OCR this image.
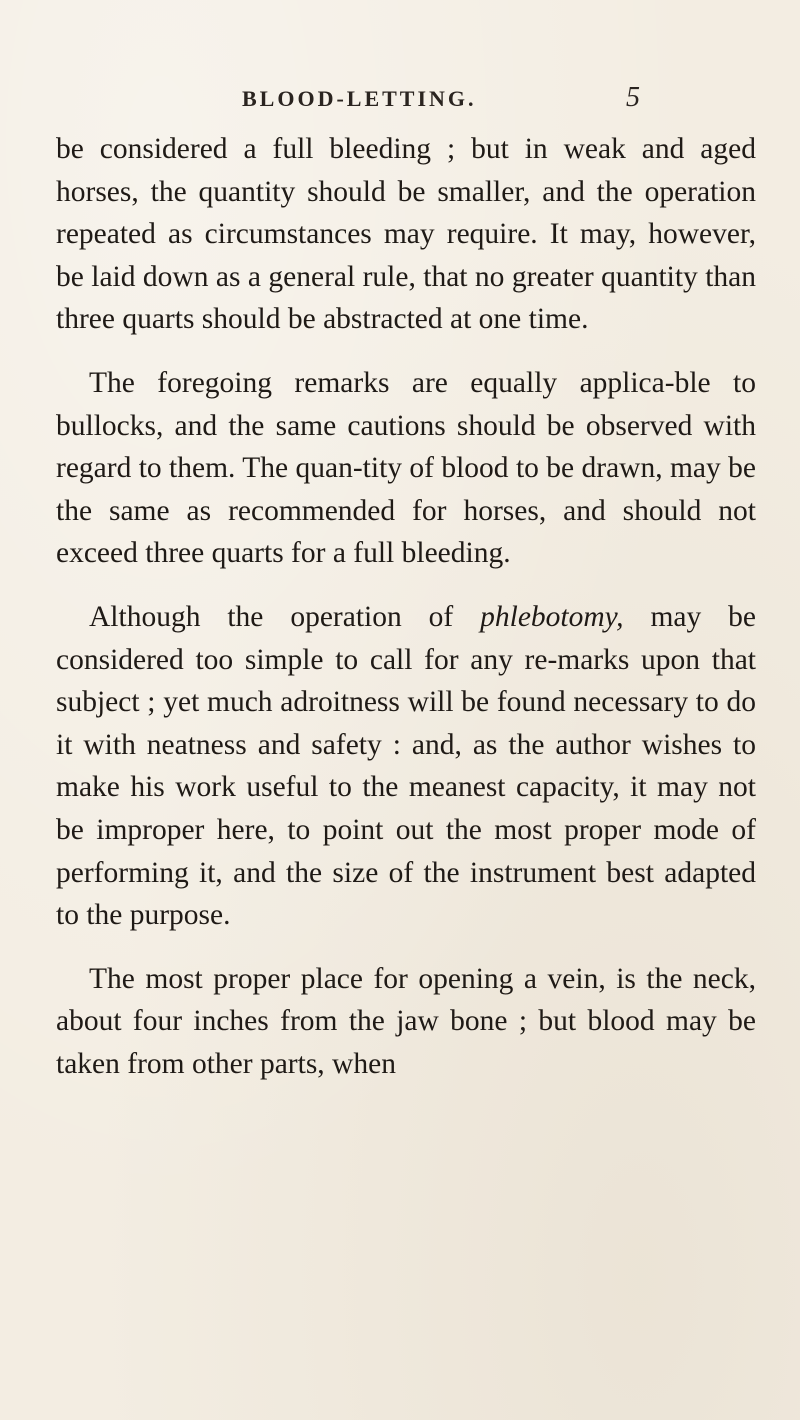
BLOOD-LETTING.	5

be considered a full bleeding ; but in weak and aged horses, the quantity should be smaller, and the operation repeated as circumstances may require. It may, however, be laid down as a general rule, that no greater quantity than three quarts should be abstracted at one time.

The foregoing remarks are equally applica-ble to bullocks, and the same cautions should be observed with regard to them. The quan-tity of blood to be drawn, may be the same as recommended for horses, and should not exceed three quarts for a full bleeding.

Although the operation of phlebotomy, may be considered too simple to call for any re-marks upon that subject ; yet much adroitness will be found necessary to do it with neatness and safety : and, as the author wishes to make his work useful to the meanest capacity, it may not be improper here, to point out the most proper mode of performing it, and the size of the instrument best adapted to the purpose.

The most proper place for opening a vein, is the neck, about four inches from the jaw bone ; but blood may be taken from other parts, when
